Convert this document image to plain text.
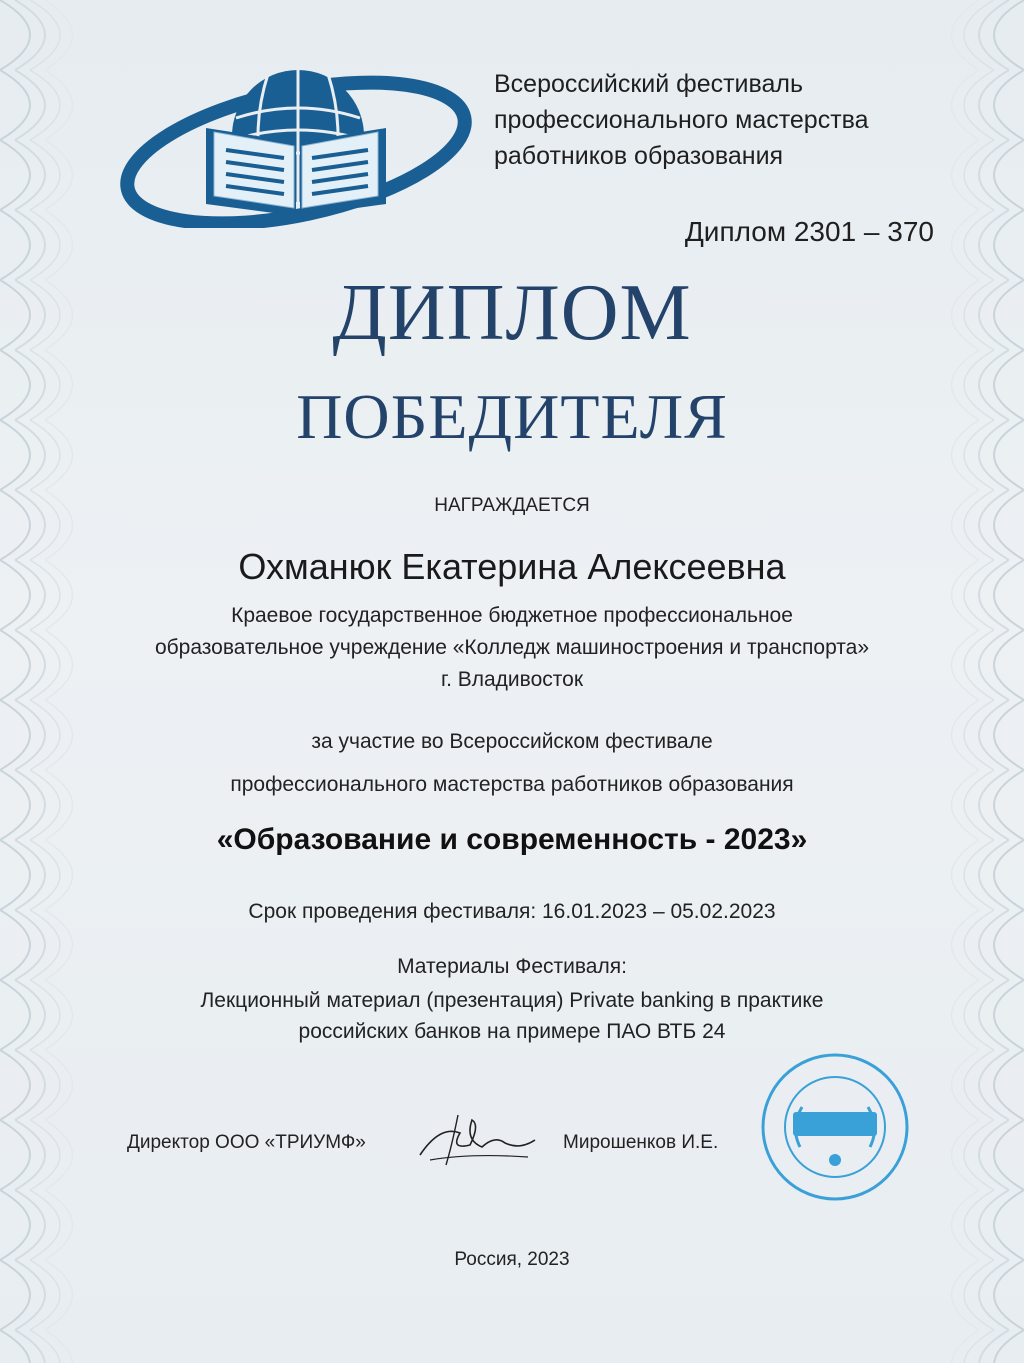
Всероссийский фестиваль
профессионального мастерства
работников образования
Диплом 2301 – 370
ДИПЛОМ
ПОБЕДИТЕЛЯ
НАГРАЖДАЕТСЯ
Охманюк Екатерина Алексеевна
Краевое государственное бюджетное профессиональное образовательное учреждение «Колледж машиностроения и транспорта» г. Владивосток
за участие во Всероссийском фестивале
профессионального мастерства работников образования
«Образование и современность - 2023»
Срок проведения фестиваля: 16.01.2023 – 05.02.2023
Материалы Фестиваля:
Лекционный материал (презентация) Private banking в практике российских банков на примере ПАО ВТБ 24
Директор ООО «ТРИУМФ»	Мирошенков И.Е.
Россия, 2023
